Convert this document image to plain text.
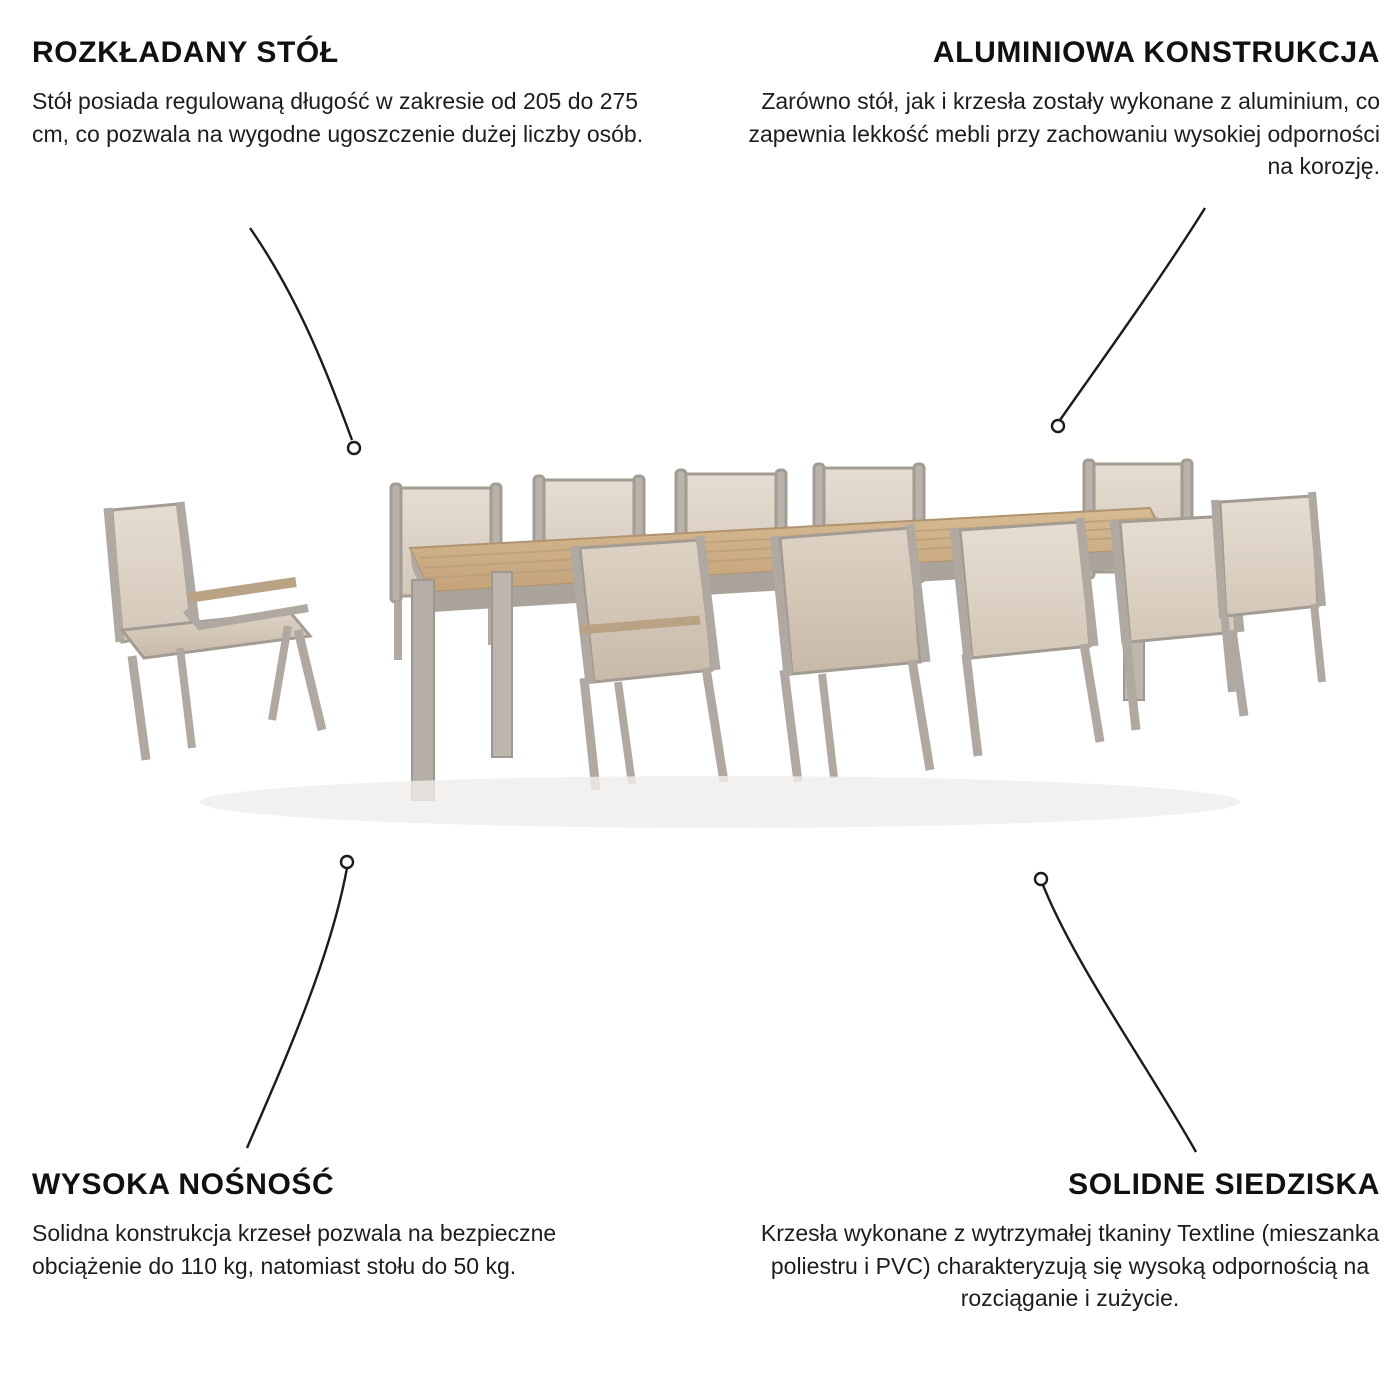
ROZKŁADANY STÓŁ

Stół posiada regulowaną długość w zakresie od 205 do 275 cm, co pozwala na wygodne ugoszczenie dużej liczby osób.

ALUMINIOWA KONSTRUKCJA

Zarówno stół, jak i krzesła zostały wykonane z aluminium, co zapewnia lekkość mebli przy zachowaniu wysokiej odporności na korozję.

WYSOKA NOŚNOŚĆ

Solidna konstrukcja krzeseł pozwala na bezpieczne obciążenie do 110 kg, natomiast stołu do 50 kg.

SOLIDNE SIEDZISKA

Krzesła wykonane z wytrzymałej tkaniny Textline (mieszanka poliestru i PVC) charakteryzują się wysoką odpornością na rozciąganie i zużycie.
